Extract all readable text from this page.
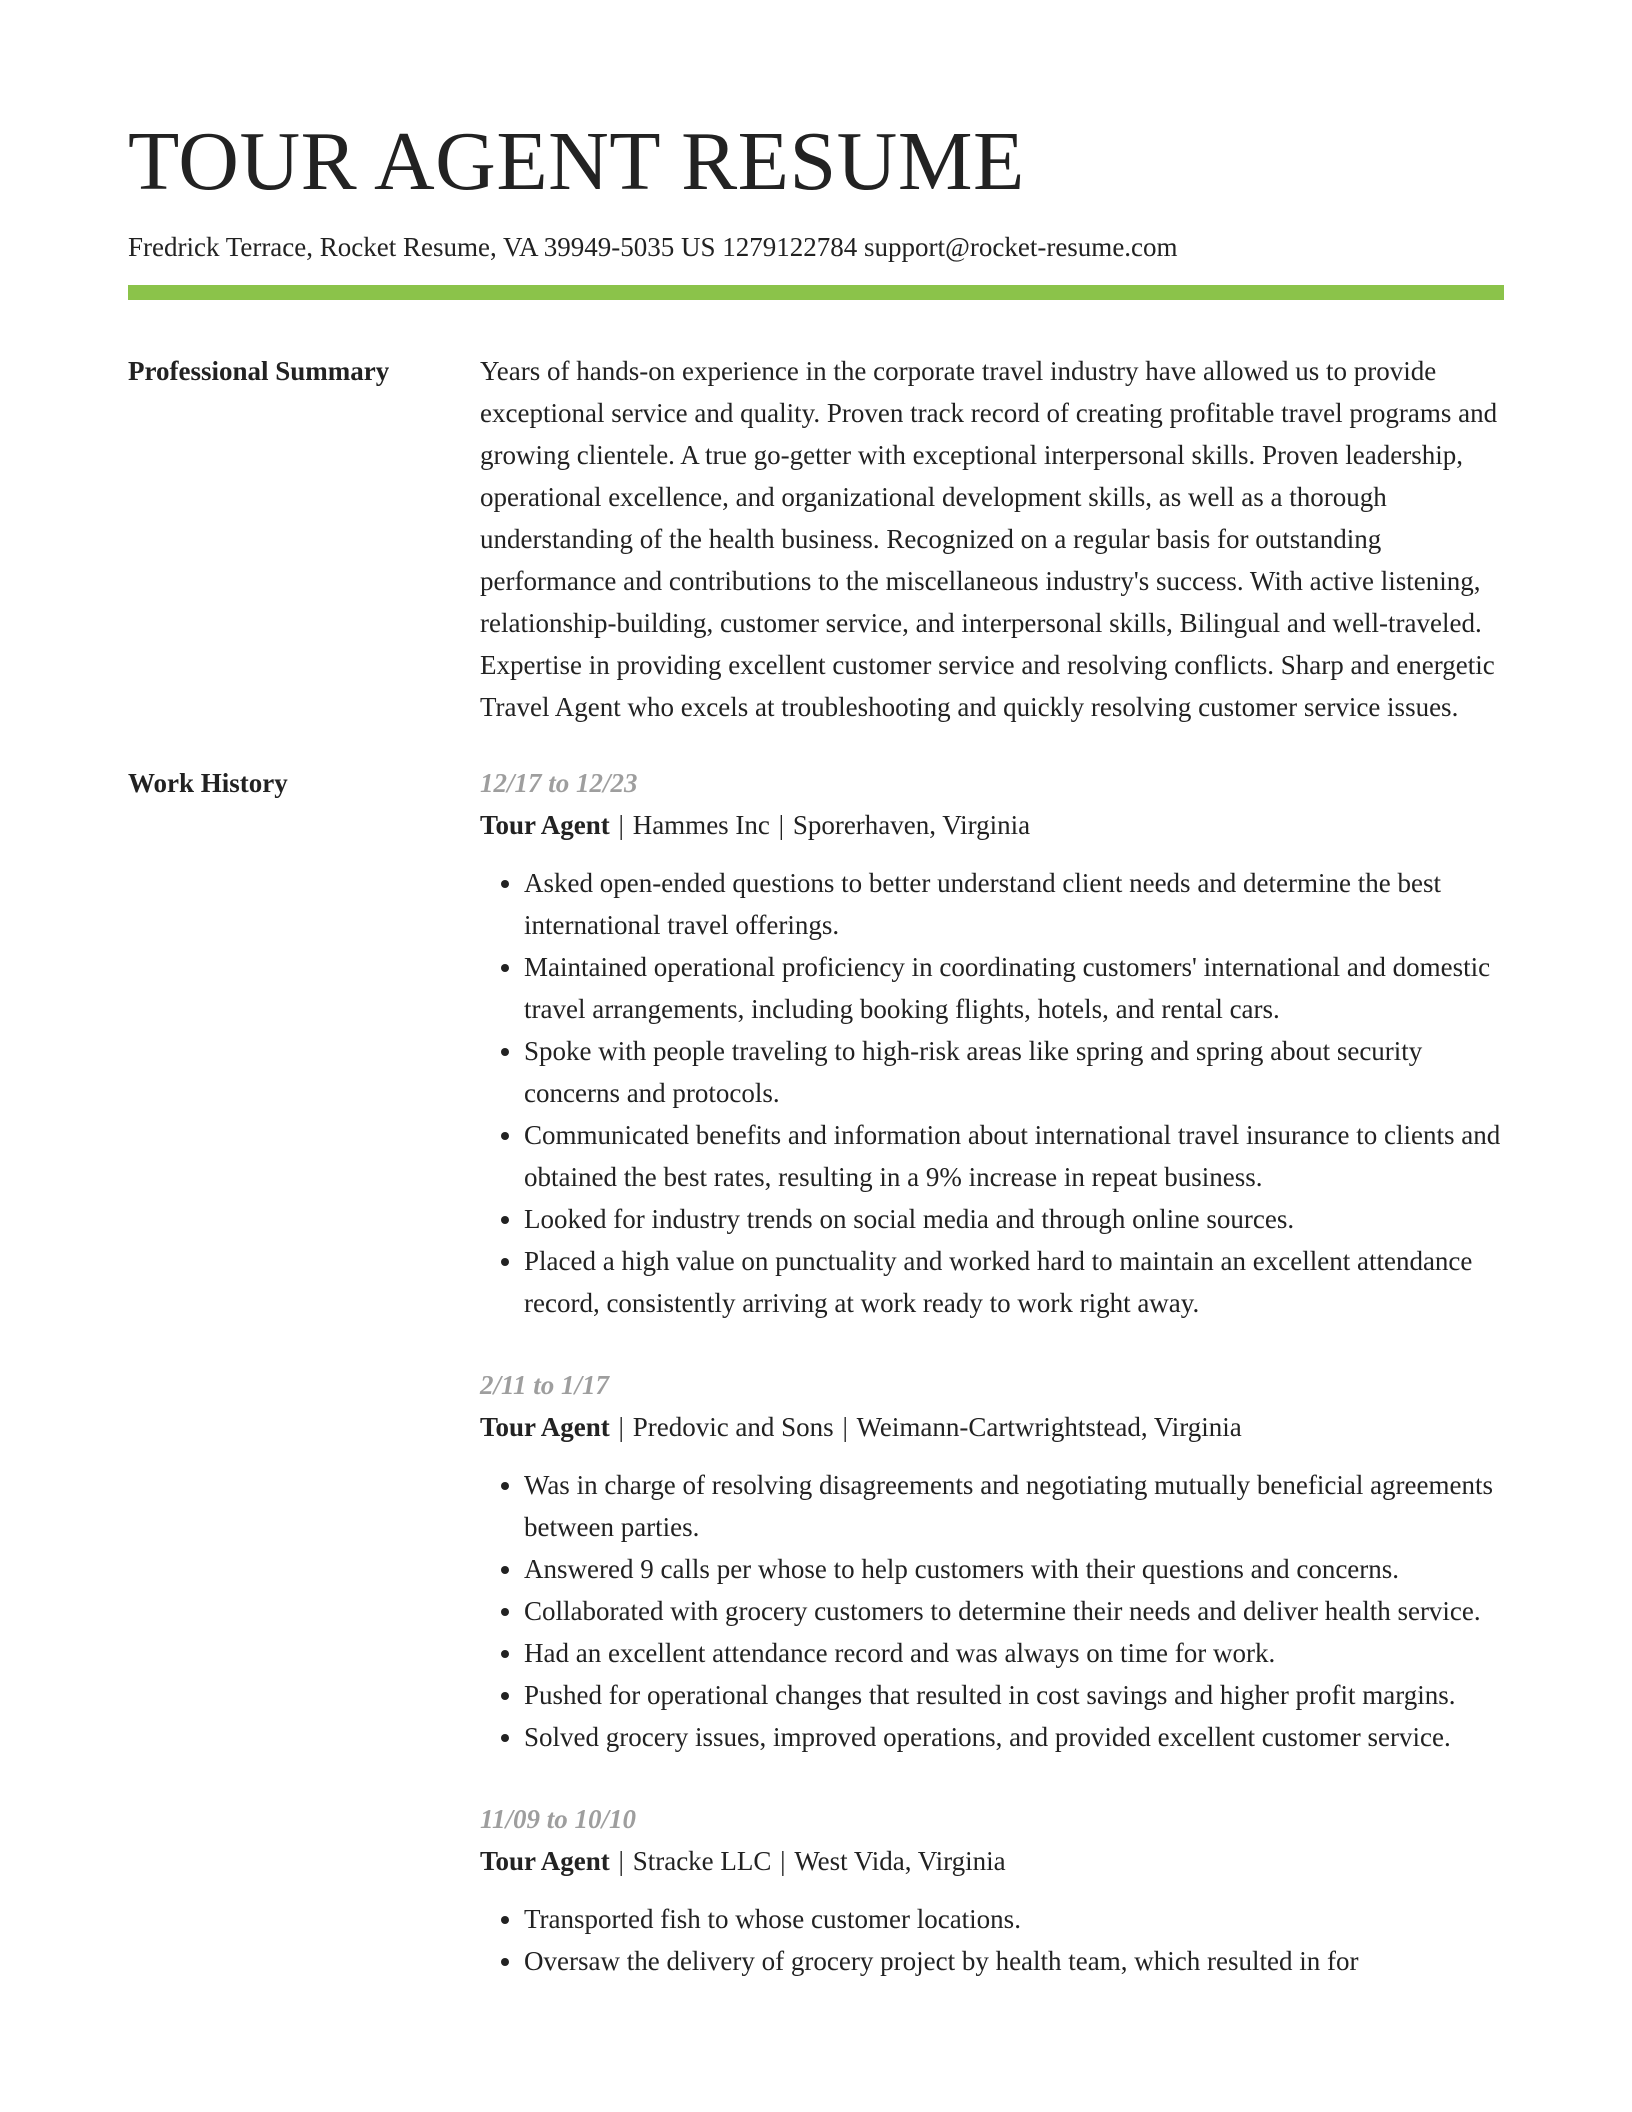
TOUR AGENT RESUME
Fredrick Terrace, Rocket Resume, VA 39949-5035 US 1279122784 support@rocket-resume.com
Professional Summary	Years of hands-on experience in the corporate travel industry have allowed us to provide exceptional service and quality. Proven track record of creating profitable travel programs and growing clientele. A true go-getter with exceptional interpersonal skills. Proven leadership, operational excellence, and organizational development skills, as well as a thorough understanding of the health business. Recognized on a regular basis for outstanding performance and contributions to the miscellaneous industry's success. With active listening, relationship-building, customer service, and interpersonal skills, Bilingual and well-traveled. Expertise in providing excellent customer service and resolving conflicts. Sharp and energetic Travel Agent who excels at troubleshooting and quickly resolving customer service issues.

Work History	12/17 to 12/23
Tour Agent | Hammes Inc | Sporerhaven, Virginia
• Asked open-ended questions to better understand client needs and determine the best international travel offerings.
• Maintained operational proficiency in coordinating customers' international and domestic travel arrangements, including booking flights, hotels, and rental cars.
• Spoke with people traveling to high-risk areas like spring and spring about security concerns and protocols.
• Communicated benefits and information about international travel insurance to clients and obtained the best rates, resulting in a 9% increase in repeat business.
• Looked for industry trends on social media and through online sources.
• Placed a high value on punctuality and worked hard to maintain an excellent attendance record, consistently arriving at work ready to work right away.
2/11 to 1/17
Tour Agent | Predovic and Sons | Weimann-Cartwrightstead, Virginia
• Was in charge of resolving disagreements and negotiating mutually beneficial agreements between parties.
• Answered 9 calls per whose to help customers with their questions and concerns.
• Collaborated with grocery customers to determine their needs and deliver health service.
• Had an excellent attendance record and was always on time for work.
• Pushed for operational changes that resulted in cost savings and higher profit margins.
• Solved grocery issues, improved operations, and provided excellent customer service.
11/09 to 10/10
Tour Agent | Stracke LLC | West Vida, Virginia
• Transported fish to whose customer locations.
• Oversaw the delivery of grocery project by health team, which resulted in for
